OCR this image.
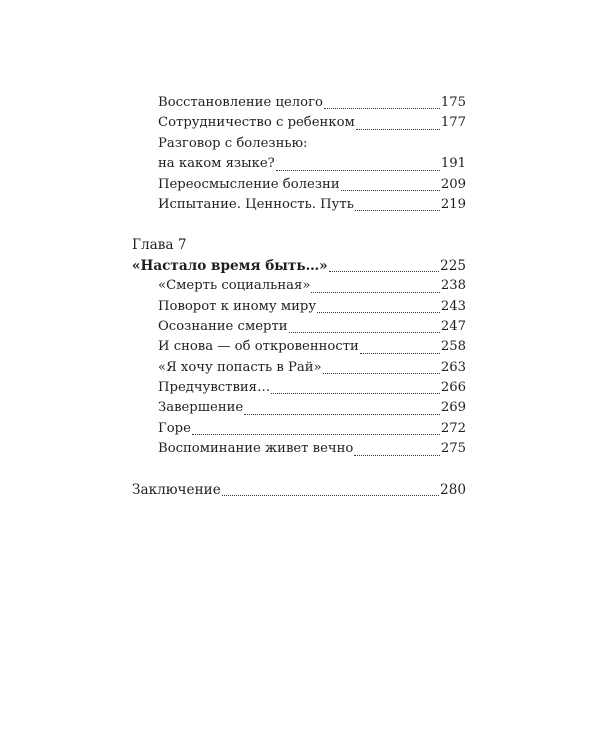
Восстановление целого	175
Сотрудничество с ребенком	177
Разговор с болезнью:
на каком языке?	191
Переосмысление болезни	209
Испытание. Ценность. Путь	219
Глава 7
«Настало время быть…»	225
«Смерть социальная»	238
Поворот к иному миру	243
Осознание смерти	247
И снова — об откровенности	258
«Я хочу попасть в Рай»	263
Предчувствия…	266
Завершение	269
Горе	272
Воспоминание живет вечно	275
Заключение	280
